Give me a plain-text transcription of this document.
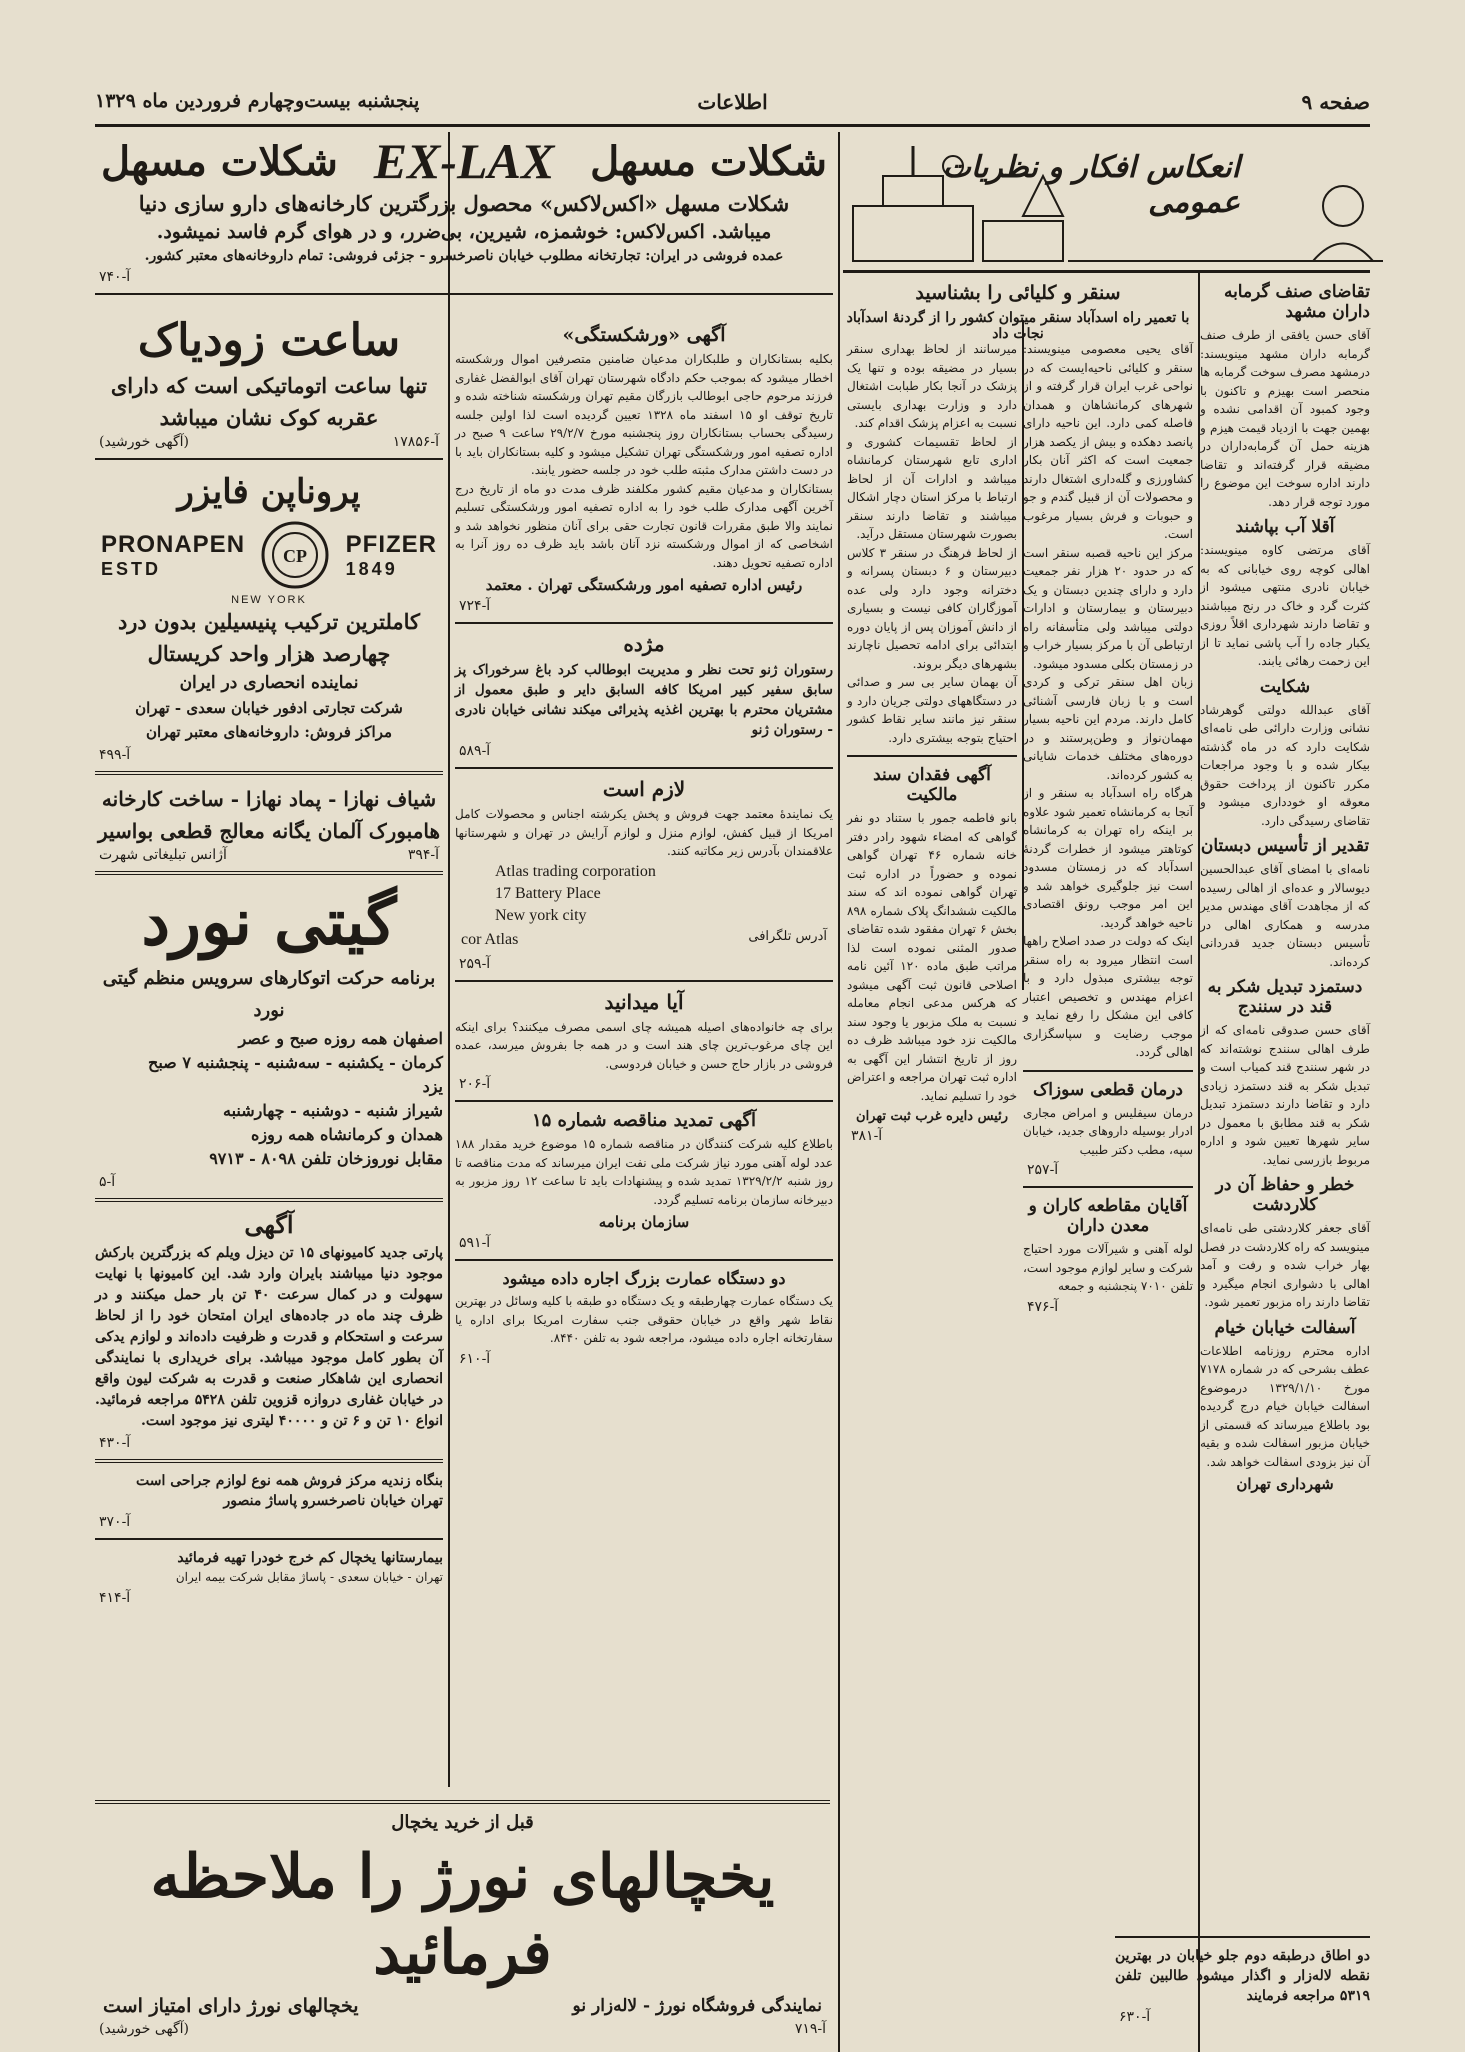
صفحه ۹
اطلاعات
پنجشنبه بیست‌وچهارم فروردین ماه ۱۳۲۹
انعکاس افکار و نظریات عمومی
تقاضای صنف گرمابه داران مشهد

آقای حسن یافقی از طرف صنف گرمابه داران مشهد مینویسند: درمشهد مصرف سوخت گرمابه ها منحصر است بهیزم و تاکنون با وجود کمبود آن اقدامی نشده و بهمین جهت با ازدیاد قیمت هیزم و هزینه حمل آن گرمابه‌داران در مضیقه قرار گرفته‌اند و تقاضا دارند اداره سوخت این موضوع را مورد توجه قرار دهد.

آقلا آب بپاشند

آقای مرتضی کاوه مینویسند: اهالی کوچه روی خیابانی که به خیابان نادری منتهی میشود از کثرت گرد و خاک در رنج میباشند و تقاضا دارند شهرداری اقلاً روزی یکبار جاده را آب پاشی نماید تا از این زحمت رهائی یابند.

شکایت

آقای عبدالله دولتی گوهرشاد نشانی وزارت دارائی طی نامه‌ای شکایت دارد که در ماه گذشته بیکار شده و با وجود مراجعات مکرر تاکنون از پرداخت حقوق معوقه او خودداری میشود و تقاضای رسیدگی دارد.

تقدیر از تأسیس دبستان

نامه‌ای با امضای آقای عبدالحسین دیوسالار و عده‌ای از اهالی رسیده که از مجاهدت آقای مهندس مدیر مدرسه و همکاری اهالی در تأسیس دبستان جدید قدردانی کرده‌اند.

دستمزد تبدیل شکر به قند در سنندج

آقای حسن صدوقی نامه‌ای که از طرف اهالی سنندج نوشته‌اند که در شهر سنندج قند کمیاب است و تبدیل شکر به قند دستمزد زیادی دارد و تقاضا دارند دستمزد تبدیل شکر به قند مطابق با معمول در سایر شهرها تعیین شود و اداره مربوط بازرسی نماید.

خطر و حفاظ آن در کلاردشت

آقای جعفر کلاردشتی طی نامه‌ای مینویسد که راه کلاردشت در فصل بهار خراب شده و رفت و آمد اهالی با دشواری انجام میگیرد و تقاضا دارند راه مزبور تعمیر شود.

آسفالت خیابان خیام

اداره محترم روزنامه اطلاعات عطف بشرحی که در شماره ۷۱۷۸ مورخ ۱۳۲۹/۱/۱۰ درموضوع اسفالت خیابان خیام درج گردیده بود باطلاع میرساند که قسمتی از خیابان مزبور اسفالت شده و بقیه آن نیز بزودی اسفالت خواهد شد.

شهرداری تهران
سنقر و کلیائی را بشناسید
با تعمیر راه اسدآباد سنقر میتوان کشور را از گردنهٔ اسدآباد نجات داد

آقای یحیی معصومی مینویسند: سنقر و کلیائی ناحیه‌ایست که در نواحی غرب ایران قرار گرفته و از شهرهای کرمانشاهان و همدان فاصله کمی دارد. این ناحیه دارای پانصد دهکده و بیش از یکصد هزار جمعیت است که اکثر آنان بکار کشاورزی و گله‌داری اشتغال دارند و محصولات آن از قبیل گندم و جو و حبوبات و فرش بسیار مرغوب است.

مرکز این ناحیه قصبه سنقر است که در حدود ۲۰ هزار نفر جمعیت دارد و دارای چندین دبستان و یک دبیرستان و بیمارستان و ادارات دولتی میباشد ولی متأسفانه راه ارتباطی آن با مرکز بسیار خراب و در زمستان بکلی مسدود میشود.

زبان اهل سنقر ترکی و کردی است و با زبان فارسی آشنائی کامل دارند. مردم این ناحیه بسیار مهمان‌نواز و وطن‌پرستند و در دوره‌های مختلف خدمات شایانی به کشور کرده‌اند.

هرگاه راه اسدآباد به سنقر و از آنجا به کرمانشاه تعمیر شود علاوه بر اینکه راه تهران به کرمانشاه کوتاهتر میشود از خطرات گردنهٔ اسدآباد که در زمستان مسدود است نیز جلوگیری خواهد شد و این امر موجب رونق اقتصادی ناحیه خواهد گردید.

اینک که دولت در صدد اصلاح راهها است انتظار میرود به راه سنقر توجه بیشتری مبذول دارد و با اعزام مهندس و تخصیص اعتبار کافی این مشکل را رفع نماید و موجب رضایت و سپاسگزاری اهالی گردد.

درمان قطعی سوزاک

درمان سیفلیس و امراض مجاری ادرار بوسیله داروهای جدید، خیابان سپه، مطب دکتر طبیب

آ-۲۵۷
آقایان مقاطعه کاران و معدن داران

لوله آهنی و شیرآلات مورد احتیاج شرکت و سایر لوازم موجود است، تلفن ۷۰۱۰ پنجشنبه و جمعه

آ-۴۷۶

میرسانند از لحاظ بهداری سنقر بسیار در مضیقه بوده و تنها یک پزشک در آنجا بکار طبابت اشتغال دارد و وزارت بهداری بایستی نسبت به اعزام پزشک اقدام کند.

از لحاظ تقسیمات کشوری و اداری تابع شهرستان کرمانشاه میباشد و ادارات آن از لحاظ ارتباط با مرکز استان دچار اشکال میباشند و تقاضا دارند سنقر بصورت شهرستان مستقل درآید.

از لحاظ فرهنگ در سنقر ۳ کلاس دبیرستان و ۶ دبستان پسرانه و دخترانه وجود دارد ولی عده آموزگاران کافی نیست و بسیاری از دانش آموزان پس از پایان دوره ابتدائی برای ادامه تحصیل ناچارند بشهرهای دیگر بروند.

آن بهمان سایر بی سر و صدائی در دستگاههای دولتی جریان دارد و سنقر نیز مانند سایر نقاط کشور احتیاج بتوجه بیشتری دارد.

آگهی فقدان سند مالکیت

بانو فاطمه جمور با ستناد دو نفر گواهی که امضاء شهود رادر دفتر خانه شماره ۴۶ تهران گواهی نموده و حضوراً در اداره ثبت تهران گواهی نموده اند که سند مالکیت ششدانگ پلاک شماره ۸۹۸ بخش ۶ تهران مفقود شده تقاضای صدور المثنی نموده است لذا مراتب طبق ماده ۱۲۰ آئین نامه اصلاحی قانون ثبت آگهی میشود که هرکس مدعی انجام معامله نسبت به ملک مزبور یا وجود سند مالکیت نزد خود میباشد ظرف ده روز از تاریخ انتشار این آگهی به اداره ثبت تهران مراجعه و اعتراض خود را تسلیم نماید.

رئیس دایره غرب ثبت تهران
آ-۳۸۱

دو اطاق درطبقه دوم جلو خیابان در بهترین نقطه لاله‌زار و اگذار میشود طالبین تلفن ۵۳۱۹ مراجعه فرمایند

آ-۶۳۰
آگهی «ورشکستگی»

بکلیه بستانکاران و طلبکاران مدعیان ضامنین متصرفین اموال ورشکسته اخطار میشود که بموجب حکم دادگاه شهرستان تهران آقای ابوالفضل غفاری فرزند مرحوم حاجی ابوطالب بازرگان مقیم تهران ورشکسته شناخته شده و تاریخ توقف او ۱۵ اسفند ماه ۱۳۲۸ تعیین گردیده است لذا اولین جلسه رسیدگی بحساب بستانکاران روز پنجشنبه مورخ ۲۹/۲/۷ ساعت ۹ صبح در اداره تصفیه امور ورشکستگی تهران تشکیل میشود و کلیه بستانکاران باید با در دست داشتن مدارک مثبته طلب خود در جلسه حضور یابند.

بستانکاران و مدعیان مقیم کشور مکلفند ظرف مدت دو ماه از تاریخ درج آخرین آگهی مدارک طلب خود را به اداره تصفیه امور ورشکستگی تسلیم نمایند والا طبق مقررات قانون تجارت حقی برای آنان منظور نخواهد شد و اشخاصی که از اموال ورشکسته نزد آنان باشد باید ظرف ده روز آنرا به اداره تصفیه تحویل دهند.

رئیس اداره تصفیه امور ورشکستگی تهران . معتمد
آ-۷۲۴
مژده

رستوران ژنو تحت نظر و مدیریت ابوطالب کرد باغ سرخوراک پز سابق سفیر کبیر امریکا کافه السابق دایر و طبق معمول از مشتریان محترم با بهترین اغذیه پذیرائی میکند نشانی خیابان نادری - رستوران ژنو

آ-۵۸۹
لازم است

یک نمایندهٔ معتمد جهت فروش و پخش یکرشته اجناس و محصولات کامل امریکا از قبیل کفش، لوازم منزل و لوازم آرایش در تهران و شهرستانها علاقمندان بآدرس زیر مکاتبه کنند.

Atlas trading corporation
17 Battery Place
New york city
آدرس تلگرافی
cor Atlas
آ-۲۵۹
آیا میدانید

برای چه خانواده‌های اصیله همیشه چای اسمی مصرف میکنند؟ برای اینکه این چای مرغوب‌ترین چای هند است و در همه جا بفروش میرسد، عمده فروشی در بازار حاج حسن و خیابان فردوسی.

آ-۲۰۶
آگهی تمدید مناقصه شماره ۱۵

باطلاع کلیه شرکت کنندگان در مناقصه شماره ۱۵ موضوع خرید مقدار ۱۸۸ عدد لوله آهنی مورد نیاز شرکت ملی نفت ایران میرساند که مدت مناقصه تا روز شنبه ۱۳۲۹/۲/۲ تمدید شده و پیشنهادات باید تا ساعت ۱۲ روز مزبور به دبیرخانه سازمان برنامه تسلیم گردد.

سازمان برنامه
آ-۵۹۱
دو دستگاه عمارت بزرگ اجاره داده میشود

یک دستگاه عمارت چهارطبقه و یک دستگاه دو طبقه با کلیه وسائل در بهترین نقاط شهر واقع در خیابان حقوقی جنب سفارت امریکا برای اداره یا سفارتخانه اجاره داده میشود، مراجعه شود به تلفن ۸۴۴۰.

آ-۶۱۰
شکلات مسهل
EX-LAX
شکلات مسهل

شکلات مسهل «اکس‌لاکس» محصول بزرگترین کارخانه‌های دارو سازی دنیا

میباشد. اکس‌لاکس: خوشمزه، شیرین، بی‌ضرر، و در هوای گرم فاسد نمیشود.

عمده فروشی در ایران: تجارتخانه مطلوب خیابان ناصرخسرو - جزئی فروشی: تمام داروخانه‌های معتبر کشور.

آ-۷۴۰
ساعت زودیاک
تنها ساعت اتوماتیکی است که دارای
عقربه کوک نشان میباشد
آ-۱۷۸۵۶
(آگهی خورشید)
پروناپن فایزر
PRONAPEN
ESTD
CP PFIZER
1849
NEW YORK
کاملترین ترکیب پنیسیلین بدون درد
چهارصد هزار واحد کریستال
نماینده انحصاری در ایران
شرکت تجارتی ادفور خیابان سعدی - تهران
مراکز فروش: داروخانه‌های معتبر تهران
آ-۴۹۹
شیاف نهازا - پماد نهازا - ساخت کارخانه
هامبورک آلمان یگانه معالج قطعی بواسیر
آ-۳۹۴
آژانس تبلیغاتی شهرت
گیتی نورد
برنامه حرکت اتوکارهای سرویس منظم گیتی نورد
اصفهان همه روزه صبح و عصر
کرمان - یکشنبه - سه‌شنبه - پنجشنبه ۷ صبح
یزد
شیراز شنبه - دوشنبه - چهارشنبه
همدان و کرمانشاه همه روزه
مقابل نوروزخان تلفن ۸۰۹۸ - ۹۷۱۳
آ-۵
آگهی

پارتی جدید کامیونهای ۱۵ تن دیزل ویلم که بزرگترین بارکش موجود دنیا میباشند بایران وارد شد. این کامیونها با نهایت سهولت و در کمال سرعت ۴۰ تن بار حمل میکنند و در ظرف چند ماه در جاده‌های ایران امتحان خود را از لحاظ سرعت و استحکام و قدرت و ظرفیت داده‌اند و لوازم یدکی آن بطور کامل موجود میباشد. برای خریداری با نمایندگی انحصاری این شاهکار صنعت و قدرت به شرکت لیون واقع در خیابان غفاری دروازه قزوین تلفن ۵۴۲۸ مراجعه فرمائید. انواع ۱۰ تن و ۶ تن و ۴۰۰۰۰ لیتری نیز موجود است.

آ-۴۳۰

بنگاه زندیه مرکز فروش همه نوع لوازم جراحی است

تهران خیابان ناصرخسرو پاساژ منصور

آ-۳۷۰

بیمارستانها یخچال کم خرج خودرا تهیه فرمائید

تهران - خیابان سعدی - پاساژ مقابل شرکت بیمه ایران

آ-۴۱۴
قبل از خرید یخچال
یخچالهای نورژ را ملاحظه فرمائید
نمایندگی فروشگاه نورژ - لاله‌زار نو
یخچالهای نورژ دارای امتیاز است
آ-۷۱۹
(آگهی خورشید)
